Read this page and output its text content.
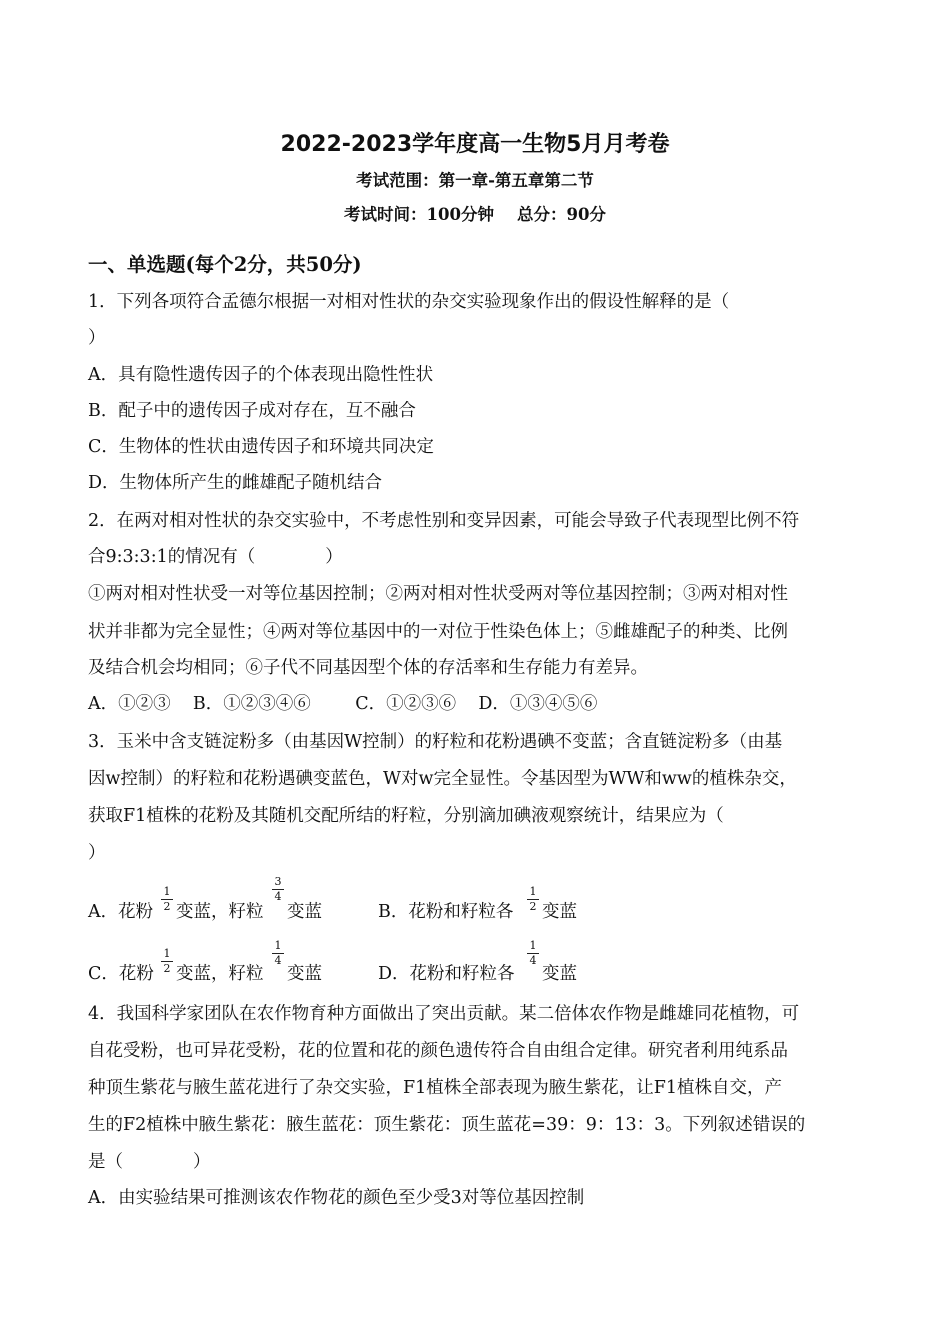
2022-2023学年度高一生物5月月考卷
考试范围：第一章-第五章第二节
考试时间：100分钟    总分：90分
一、单选题(每个2分，共50分)
1．下列各项符合孟德尔根据一对相对性状的杂交实验现象作出的假设性解释的是（
）
A．具有隐性遗传因子的个体表现出隐性性状
B．配子中的遗传因子成对存在，互不融合
C．生物体的性状由遗传因子和环境共同决定
D．生物体所产生的雌雄配子随机结合
2．在两对相对性状的杂交实验中，不考虑性别和变异因素，可能会导致子代表现型比例不符
合9:3:3:1的情况有（　　　　）
①两对相对性状受一对等位基因控制；②两对相对性状受两对等位基因控制；③两对相对性
状并非都为完全显性；④两对等位基因中的一对位于性染色体上；⑤雌雄配子的种类、比例
及结合机会均相同；⑥子代不同基因型个体的存活率和生存能力有差异。
A．①②③    B．①②③④⑥        C．①②③⑥    D．①③④⑤⑥
3．玉米中含支链淀粉多（由基因W控制）的籽粒和花粉遇碘不变蓝；含直链淀粉多（由基
因w控制）的籽粒和花粉遇碘变蓝色，W对w完全显性。令基因型为WW和ww的植株杂交，
获取F1植株的花粉及其随机交配所结的籽粒，分别滴加碘液观察统计，结果应为（
）
A．花粉
1
2 变蓝，籽粒
3
4
变蓝	B．花粉和籽粒各
1
2 变蓝
C．花粉
1
2 变蓝，籽粒
1
4
变蓝	D．花粉和籽粒各
1
4
变蓝
4．我国科学家团队在农作物育种方面做出了突出贡献。某二倍体农作物是雌雄同花植物，可
自花受粉，也可异花受粉，花的位置和花的颜色遗传符合自由组合定律。研究者利用纯系品
种顶生紫花与腋生蓝花进行了杂交实验，F1植株全部表现为腋生紫花，让F1植株自交，产
生的F2植株中腋生紫花：腋生蓝花：顶生紫花：顶生蓝花=39：9：13：3。下列叙述错误的
是（　　　　）
A．由实验结果可推测该农作物花的颜色至少受3对等位基因控制
